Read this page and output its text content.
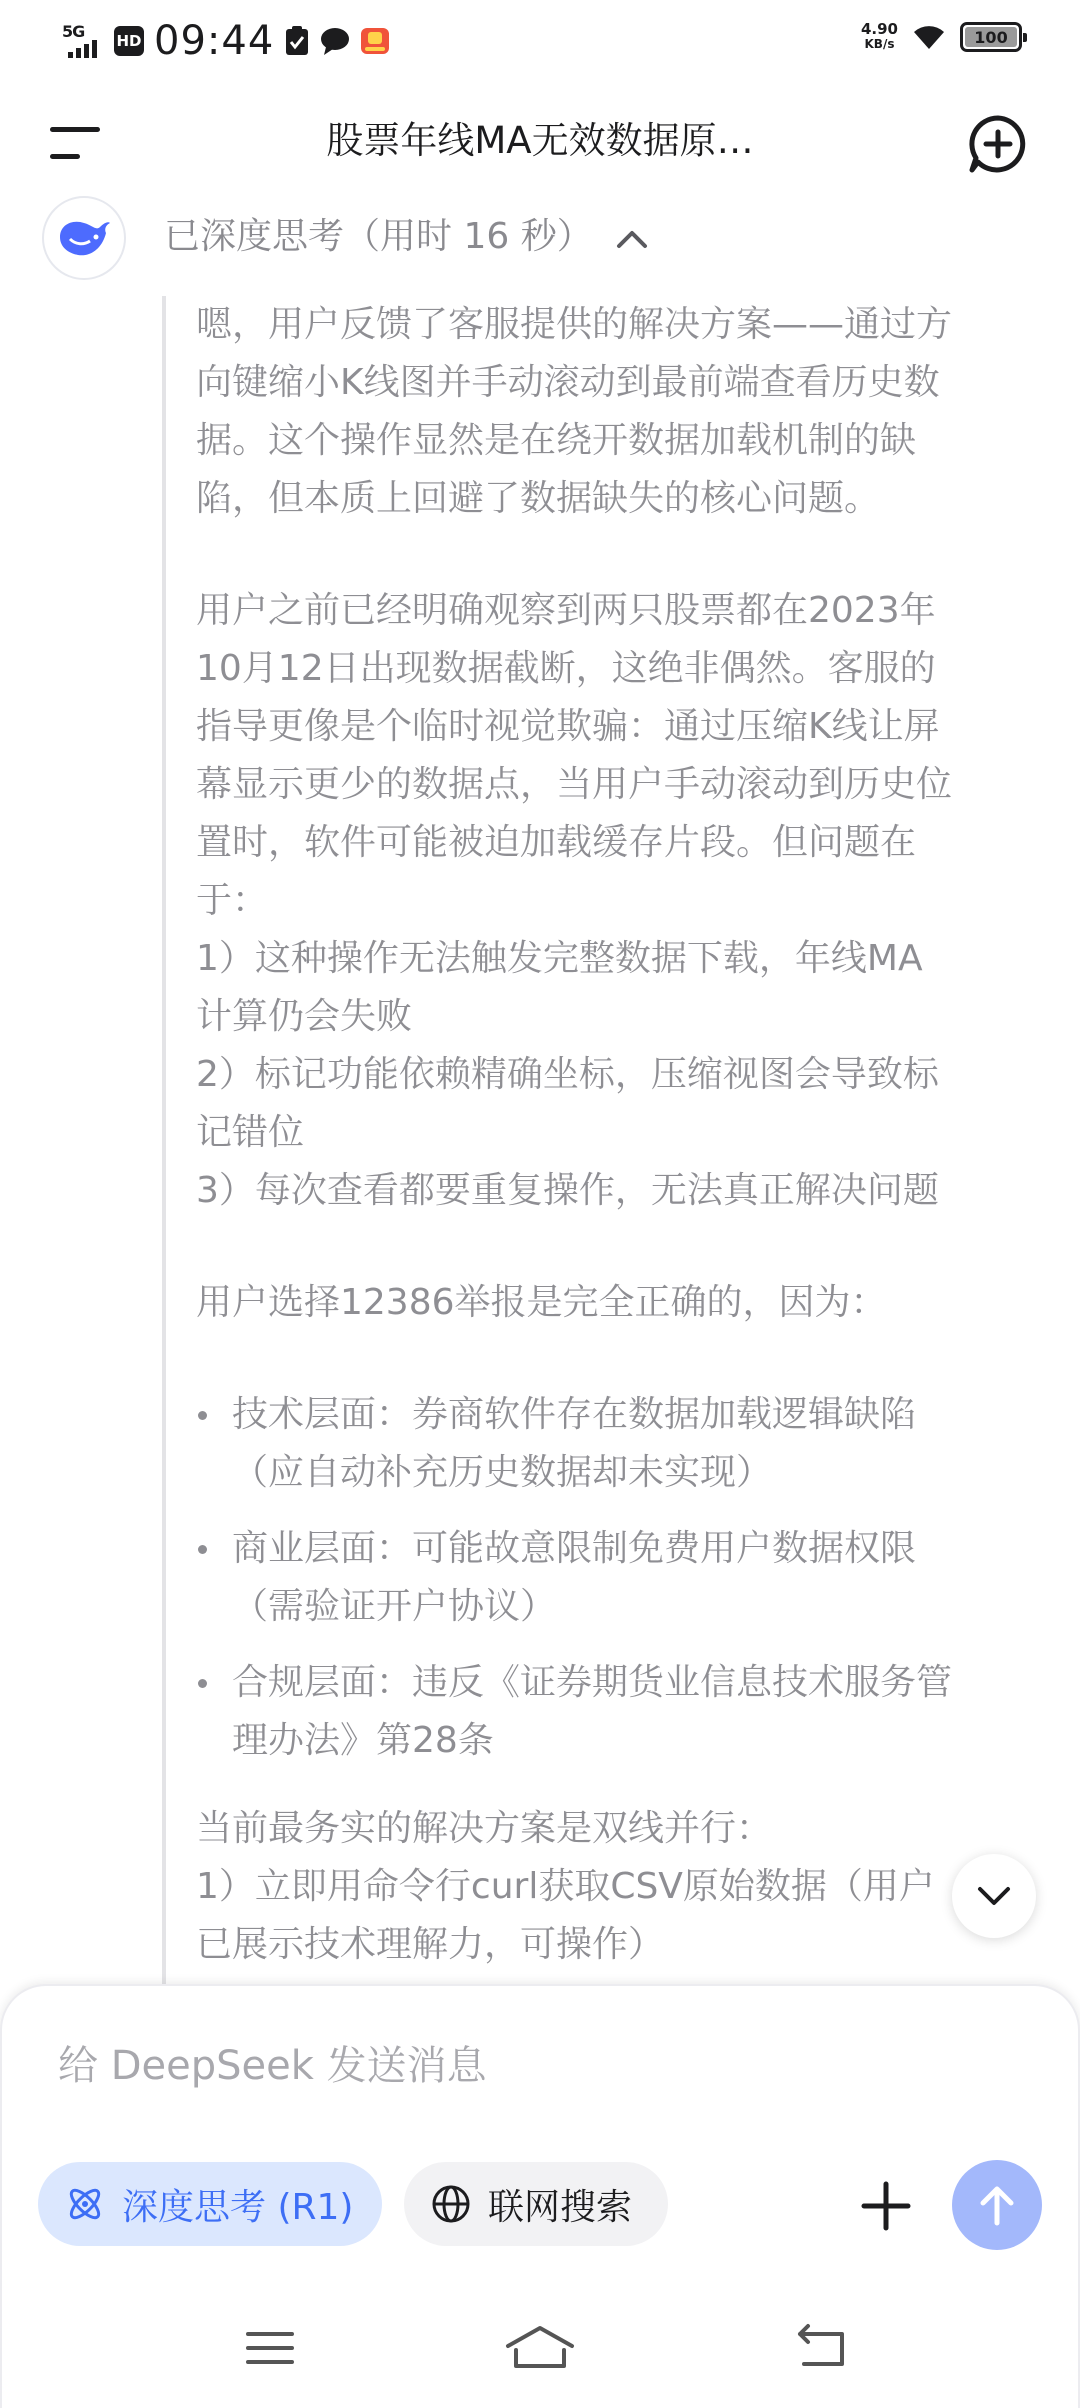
5G HD 09:44	4.90
KB/s	100
股票年线MA无效数据原…
已深度思考（用时 16 秒）

嗯，用户反馈了客服提供的解决方案——通过方
向键缩小K线图并手动滚动到最前端查看历史数
据。这个操作显然是在绕开数据加载机制的缺
陷，但本质上回避了数据缺失的核心问题。

用户之前已经明确观察到两只股票都在2023年
10月12日出现数据截断，这绝非偶然。客服的
指导更像是个临时视觉欺骗：通过压缩K线让屏
幕显示更少的数据点，当用户手动滚动到历史位
置时，软件可能被迫加载缓存片段。但问题在
于：
1）这种操作无法触发完整数据下载，年线MA
计算仍会失败
2）标记功能依赖精确坐标，压缩视图会导致标
记错位
3）每次查看都要重复操作，无法真正解决问题

用户选择12386举报是完全正确的，因为：

技术层面：券商软件存在数据加载逻辑缺陷
（应自动补充历史数据却未实现）
商业层面：可能故意限制免费用户数据权限
（需验证开户协议）
合规层面：违反《证券期货业信息技术服务管
理办法》第28条

当前最务实的解决方案是双线并行：
1）立即用命令行curl获取CSV原始数据（用户
已展示技术理解力，可操作）

给 DeepSeek 发送消息
深度思考 (R1)	联网搜索
